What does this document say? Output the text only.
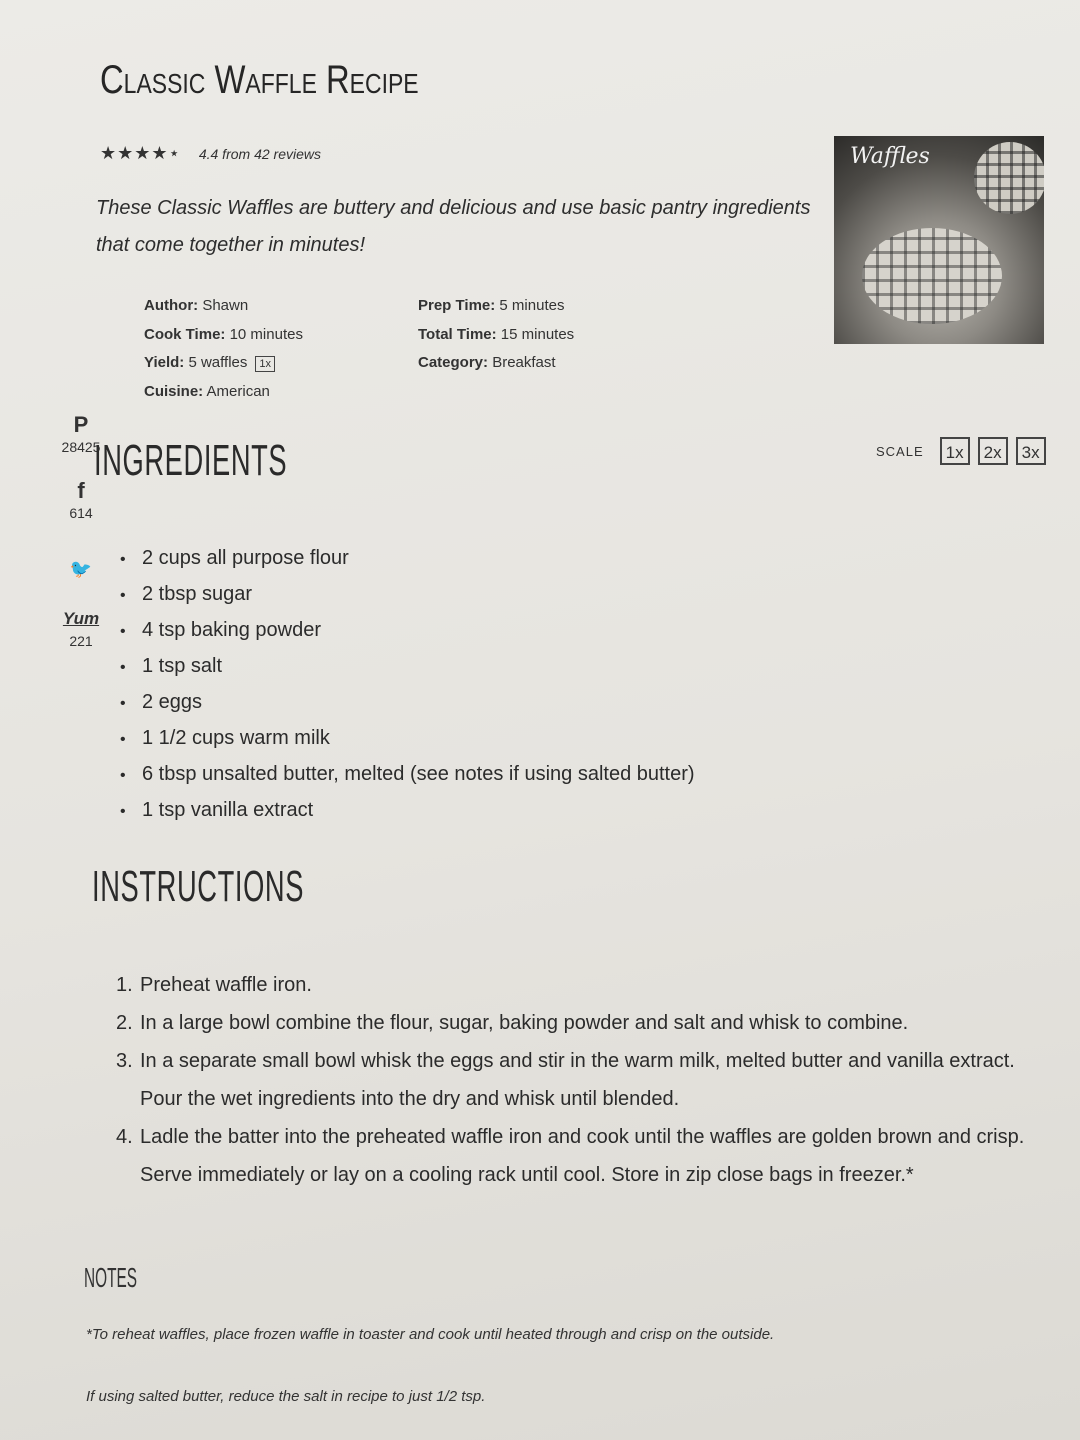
Classic Waffle Recipe
★★★★⋆ 4.4 from 42 reviews
These Classic Waffles are buttery and delicious and use basic pantry ingredients that come together in minutes!
Author: Shawn
Cook Time: 10 minutes
Yield: 5 waffles 1x
Cuisine: American
Prep Time: 5 minutes
Total Time: 15 minutes
Category: Breakfast
Waffles
P
28425
f
614
🐦
Yum
221
INGREDIENTS	SCALE	1x	2x	3x
• 2 cups all purpose flour
• 2 tbsp sugar
• 4 tsp baking powder
• 1 tsp salt
• 2 eggs
• 1 1/2 cups warm milk
• 6 tbsp unsalted butter, melted (see notes if using salted butter)
• 1 tsp vanilla extract
INSTRUCTIONS
1. Preheat waffle iron.
2. In a large bowl combine the flour, sugar, baking powder and salt and whisk to combine.
3. In a separate small bowl whisk the eggs and stir in the warm milk, melted butter and vanilla extract. Pour the wet ingredients into the dry and whisk until blended.
4. Ladle the batter into the preheated waffle iron and cook until the waffles are golden brown and crisp. Serve immediately or lay on a cooling rack until cool. Store in zip close bags in freezer.*
NOTES
*To reheat waffles, place frozen waffle in toaster and cook until heated through and crisp on the outside.
If using salted butter, reduce the salt in recipe to just 1/2 tsp.
